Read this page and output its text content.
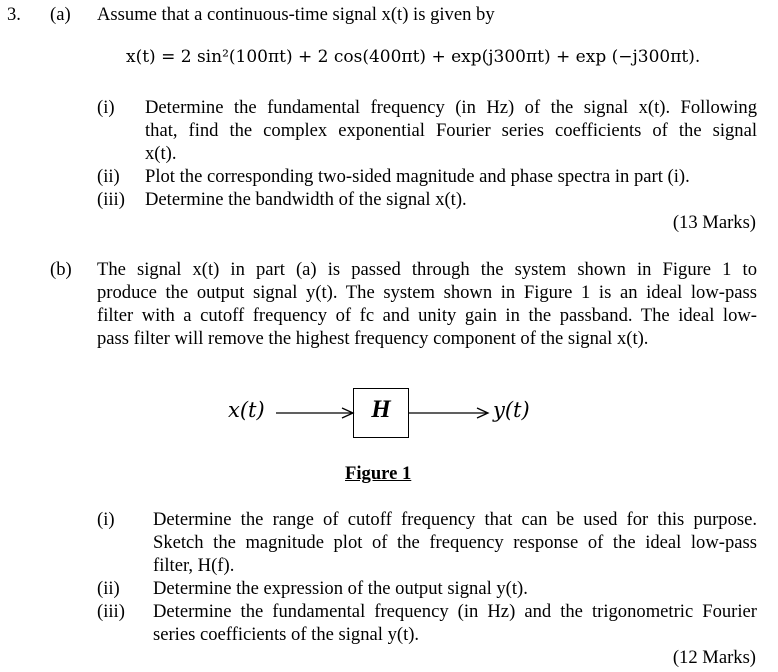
3. (a) Assume that a continuous-time signal x(t) is given by
x(t) = 2 sin²(100πt) + 2 cos(400πt) + exp(j300πt) + exp (−j300πt).
(i) Determine the fundamental frequency (in Hz) of the signal x(t). Following
that, find the complex exponential Fourier series coefficients of the signal
x(t).
(ii) Plot the corresponding two-sided magnitude and phase spectra in part (i).
(iii) Determine the bandwidth of the signal x(t).
(13 Marks)
(b) The signal x(t) in part (a) is passed through the system shown in Figure 1 to
produce the output signal y(t). The system shown in Figure 1 is an ideal low-pass
filter with a cutoff frequency of fc and unity gain in the passband. The ideal low-
pass filter will remove the highest frequency component of the signal x(t).
x(t)	H	y(t)
Figure 1
(i) Determine the range of cutoff frequency that can be used for this purpose.
Sketch the magnitude plot of the frequency response of the ideal low-pass
filter, H(f).
(ii) Determine the expression of the output signal y(t).
(iii) Determine the fundamental frequency (in Hz) and the trigonometric Fourier
series coefficients of the signal y(t).
(12 Marks)
